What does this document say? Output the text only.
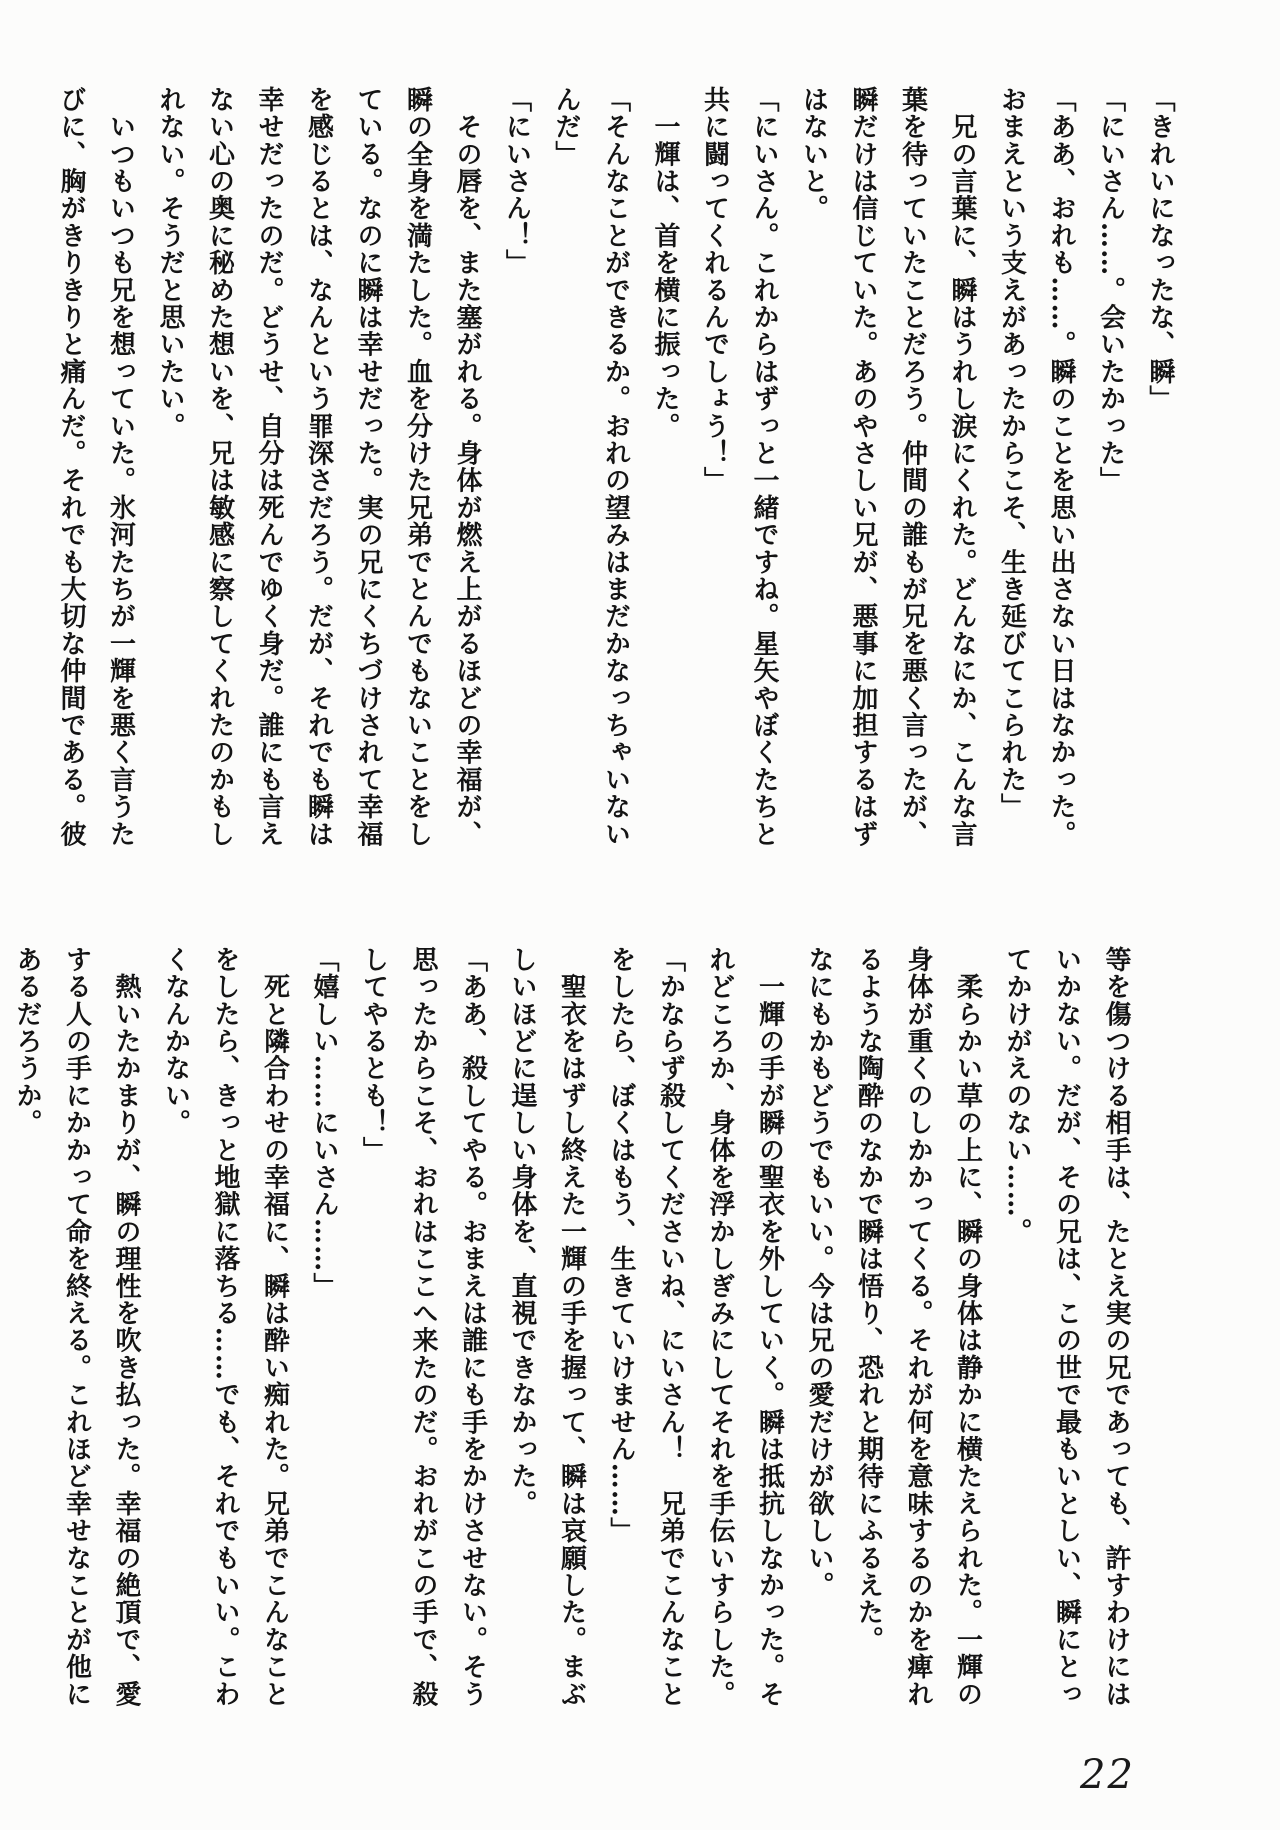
「きれいになったな、瞬」
「にいさん……。会いたかった」
「ああ、おれも……。瞬のことを思い出さない日はなかった。
おまえという支えがあったからこそ、生き延びてこられた」
　兄の言葉に、瞬はうれし涙にくれた。どんなにか、こんな言
葉を待っていたことだろう。仲間の誰もが兄を悪く言ったが、
瞬だけは信じていた。あのやさしい兄が、悪事に加担するはず
はないと。
「にいさん。これからはずっと一緒ですね。星矢やぼくたちと
共に闘ってくれるんでしょう！」
　一輝は、首を横に振った。
「そんなことができるか。おれの望みはまだかなっちゃいない
んだ」
「にいさん！」
　その唇を、また塞がれる。身体が燃え上がるほどの幸福が、
瞬の全身を満たした。血を分けた兄弟でとんでもないことをし
ている。なのに瞬は幸せだった。実の兄にくちづけされて幸福
を感じるとは、なんという罪深さだろう。だが、それでも瞬は
幸せだったのだ。どうせ、自分は死んでゆく身だ。誰にも言え
ない心の奥に秘めた想いを、兄は敏感に察してくれたのかもし
れない。そうだと思いたい。
　いつもいつも兄を想っていた。氷河たちが一輝を悪く言うた
びに、胸がきりきりと痛んだ。それでも大切な仲間である。彼
等を傷つける相手は、たとえ実の兄であっても、許すわけには
いかない。だが、その兄は、この世で最もいとしい、瞬にとっ
てかけがえのない……。
　柔らかい草の上に、瞬の身体は静かに横たえられた。一輝の
身体が重くのしかかってくる。それが何を意味するのかを痺れ
るような陶酔のなかで瞬は悟り、恐れと期待にふるえた。
なにもかもどうでもいい。今は兄の愛だけが欲しい。
　一輝の手が瞬の聖衣を外していく。瞬は抵抗しなかった。そ
れどころか、身体を浮かしぎみにしてそれを手伝いすらした。
「かならず殺してくださいね、にいさん！　兄弟でこんなこと
をしたら、ぼくはもう、生きていけません……」
　聖衣をはずし終えた一輝の手を握って、瞬は哀願した。まぶ
しいほどに逞しい身体を、直視できなかった。
「ああ、殺してやる。おまえは誰にも手をかけさせない。そう
思ったからこそ、おれはここへ来たのだ。おれがこの手で、殺
してやるとも！」
「嬉しい……にいさん……」
　死と隣合わせの幸福に、瞬は酔い痴れた。兄弟でこんなこと
をしたら、きっと地獄に落ちる……でも、それでもいい。こわ
くなんかない。
　熱いたかまりが、瞬の理性を吹き払った。幸福の絶頂で、愛
する人の手にかかって命を終える。これほど幸せなことが他に
あるだろうか。
22
